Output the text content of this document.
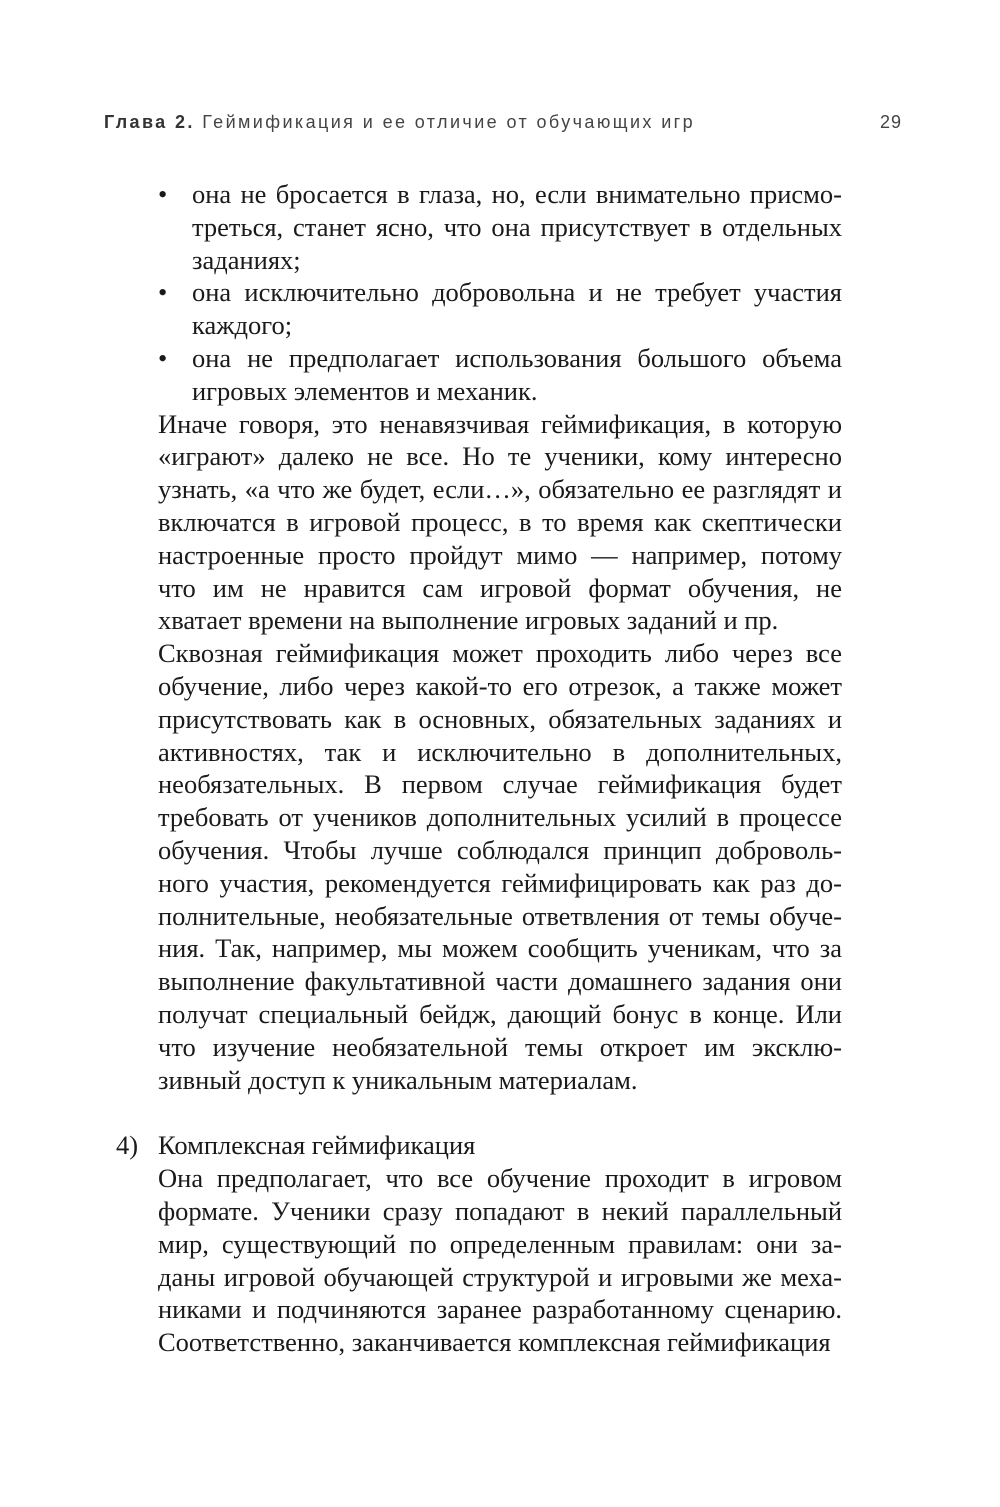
Глава 2. Геймификация и ее отличие от обучающих игр	29
• она не бросается в глаза, но, если внимательно присмотреться, станет ясно, что она присутствует в отдельных заданиях;
• она исключительно добровольна и не требует участия каждого;
• она не предполагает использования большого объема игровых элементов и механик.

Иначе говоря, это ненавязчивая геймификация, в которую «играют» далеко не все. Но те ученики, кому интересно узнать, «а что же будет, если…», обязательно ее разглядят и включатся в игровой процесс, в то время как скептически настроенные просто пройдут мимо — например, потому что им не нравится сам игровой формат обучения, не хватает времени на выполнение игровых заданий и пр.

Сквозная геймификация может проходить либо через все обучение, либо через какой-то его отрезок, а также может присутствовать как в основных, обязательных заданиях и активностях, так и исключительно в дополнительных, необязательных. В первом случае геймификация будет требовать от учеников дополнительных усилий в процессе обучения. Чтобы лучше соблюдался принцип добровольного участия, рекомендуется геймифицировать как раз дополнительные, необязательные ответвления от темы обучения. Так, например, мы можем сообщить ученикам, что за выполнение факультативной части домашнего задания они получат специальный бейдж, дающий бонус в конце. Или что изучение необязательной темы откроет им эксклюзивный доступ к уникальным материалам.

4) Комплексная геймификация

Она предполагает, что все обучение проходит в игровом формате. Ученики сразу попадают в некий параллельный мир, существующий по определенным правилам: они заданы игровой обучающей структурой и игровыми же механиками и подчиняются заранее разработанному сценарию. Соответственно, заканчивается комплексная геймификация
